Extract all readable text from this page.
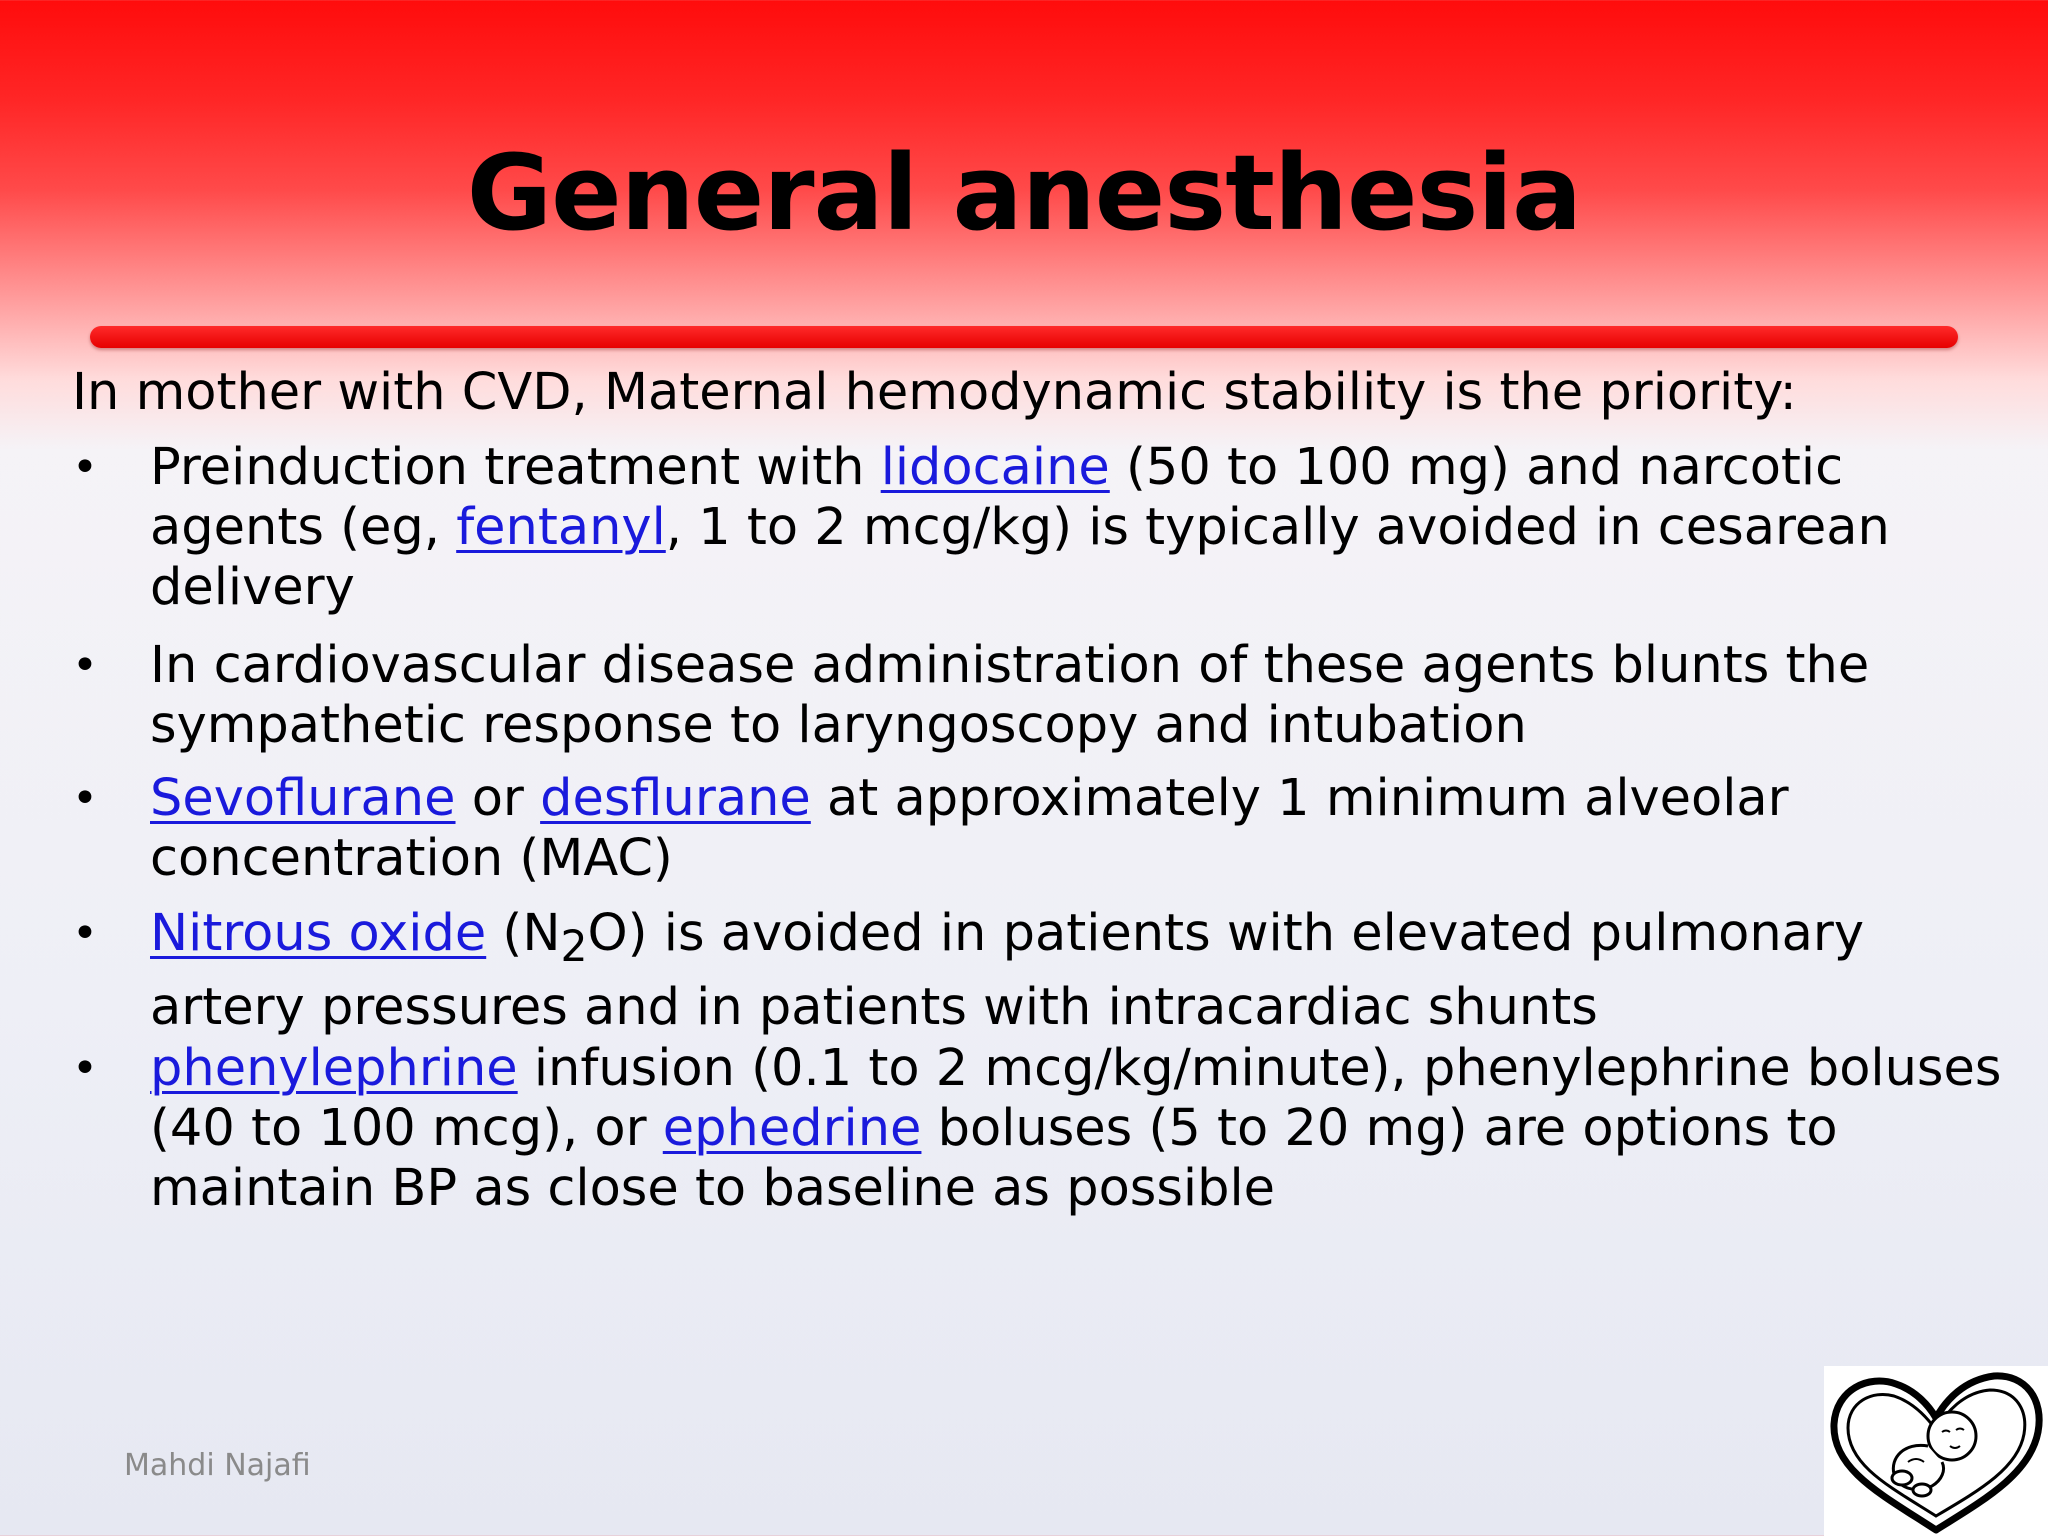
General anesthesia

In mother with CVD, Maternal hemodynamic stability is the priority:

• Preinduction treatment with lidocaine (50 to 100 mg) and narcotic agents (eg, fentanyl, 1 to 2 mcg/kg) is typically avoided in cesarean delivery
• In cardiovascular disease administration of these agents blunts the sympathetic response to laryngoscopy and intubation
• Sevoflurane or desflurane at approximately 1 minimum alveolar concentration (MAC)
• Nitrous oxide $(N_2O)$ is avoided in patients with elevated pulmonary artery pressures and in patients with intracardiac shunts
• phenylephrine infusion (0.1 to 2 mcg/kg/minute), phenylephrine boluses (40 to 100 mcg), or ephedrine boluses (5 to 20 mg) are options to maintain BP as close to baseline as possible
Mahdi Najafi
